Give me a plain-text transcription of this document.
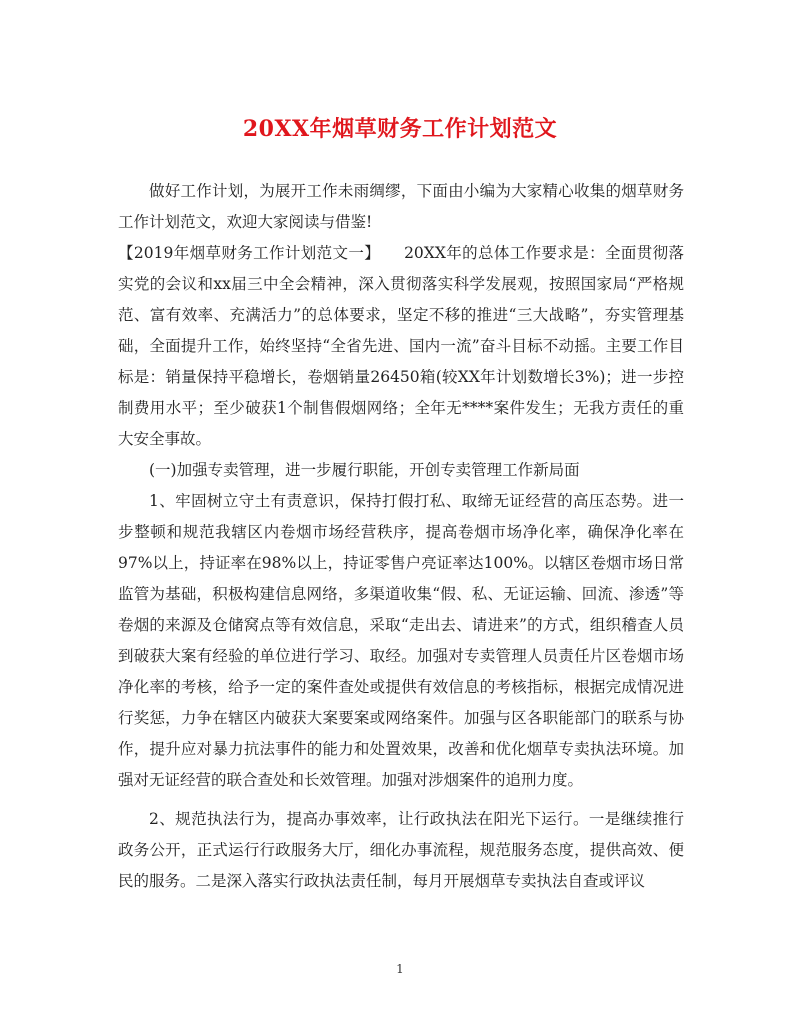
20XX年烟草财务工作计划范文

做好工作计划，为展开工作未雨绸缪，下面由小编为大家精心收集的烟草财务工作计划范文，欢迎大家阅读与借鉴!

【2019年烟草财务工作计划范文一】　　20XX年的总体工作要求是：全面贯彻落实党的会议和xx届三中全会精神，深入贯彻落实科学发展观，按照国家局“严格规范、富有效率、充满活力”的总体要求，坚定不移的推进“三大战略”，夯实管理基础，全面提升工作，始终坚持“全省先进、国内一流”奋斗目标不动摇。主要工作目标是：销量保持平稳增长，卷烟销量26450箱(较XX年计划数增长3%)；进一步控制费用水平；至少破获1个制售假烟网络；全年无****案件发生；无我方责任的重大安全事故。

(一)加强专卖管理，进一步履行职能，开创专卖管理工作新局面

1、牢固树立守土有责意识，保持打假打私、取缔无证经营的高压态势。进一步整顿和规范我辖区内卷烟市场经营秩序，提高卷烟市场净化率，确保净化率在97%以上，持证率在98%以上，持证零售户亮证率达100%。以辖区卷烟市场日常监管为基础，积极构建信息网络，多渠道收集“假、私、无证运输、回流、渗透”等卷烟的来源及仓储窝点等有效信息，采取“走出去、请进来”的方式，组织稽查人员到破获大案有经验的单位进行学习、取经。加强对专卖管理人员责任片区卷烟市场净化率的考核，给予一定的案件查处或提供有效信息的考核指标，根据完成情况进行奖惩，力争在辖区内破获大案要案或网络案件。加强与区各职能部门的联系与协作，提升应对暴力抗法事件的能力和处置效果，改善和优化烟草专卖执法环境。加强对无证经营的联合查处和长效管理。加强对涉烟案件的追刑力度。

2、规范执法行为，提高办事效率，让行政执法在阳光下运行。一是继续推行政务公开，正式运行行政服务大厅，细化办事流程，规范服务态度，提供高效、便民的服务。二是深入落实行政执法责任制，每月开展烟草专卖执法自查或评议

1
